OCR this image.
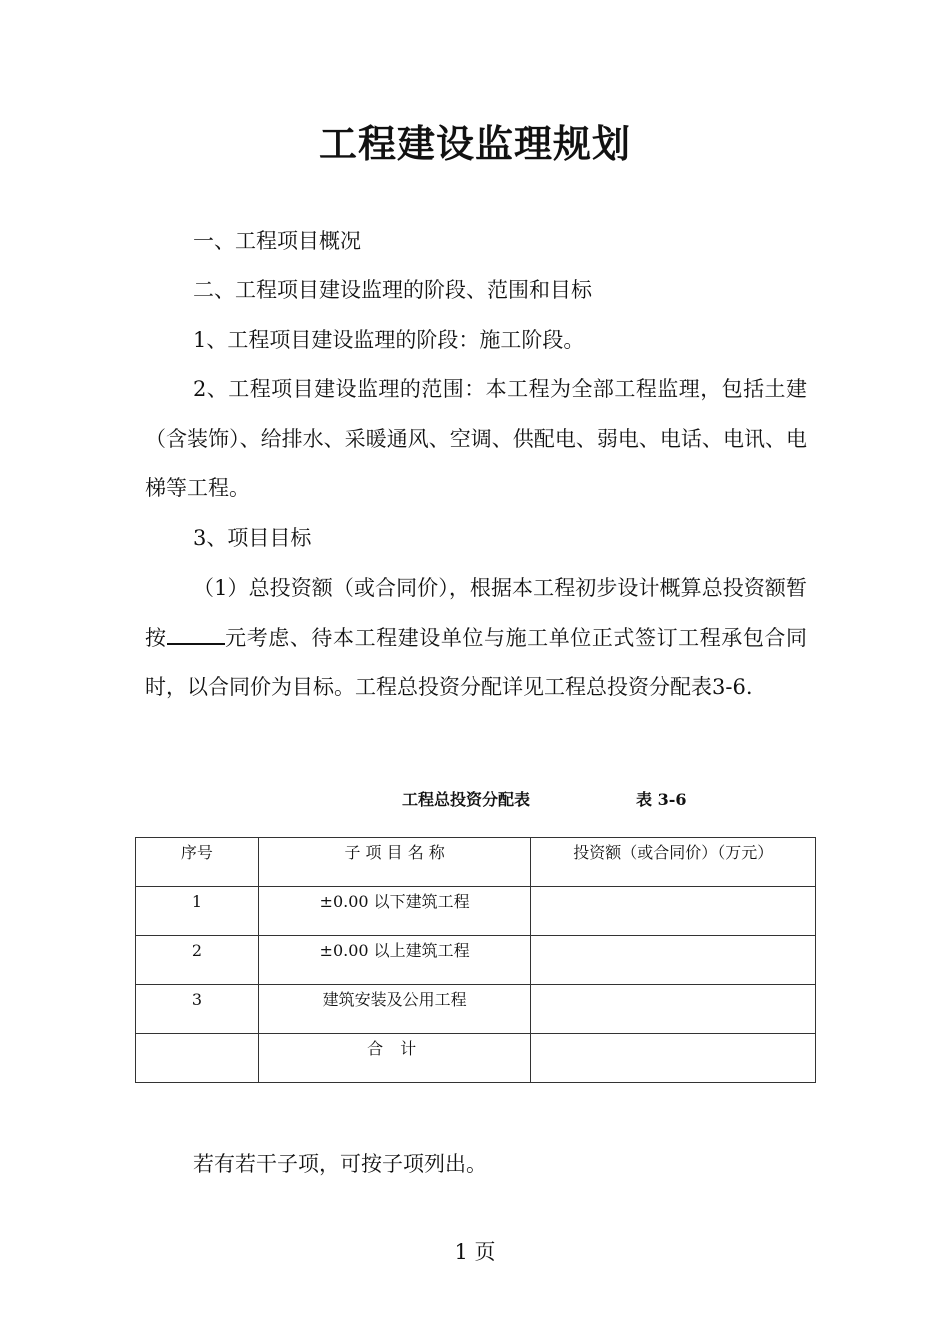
工程建设监理规划
一、工程项目概况
二、工程项目建设监理的阶段、范围和目标
1、工程项目建设监理的阶段：施工阶段。
2、工程项目建设监理的范围：本工程为全部工程监理，包括土建（含装饰）、给排水、采暖通风、空调、供配电、弱电、电话、电讯、电梯等工程。
3、项目目标
（1）总投资额（或合同价），根据本工程初步设计概算总投资额暂按	元考虑、待本工程建设单位与施工单位正式签订工程承包合同时，以合同价为目标。工程总投资分配详见工程总投资分配表3-6.
工程总投资分配表	表 3-6
序号	子 项 目 名 称	投资额（或合同价）（万元）
1	±0.00 以下建筑工程	
2	±0.00 以上建筑工程	
3	建筑安装及公用工程	
	合 计	
若有若干子项，可按子项列出。
1 页
